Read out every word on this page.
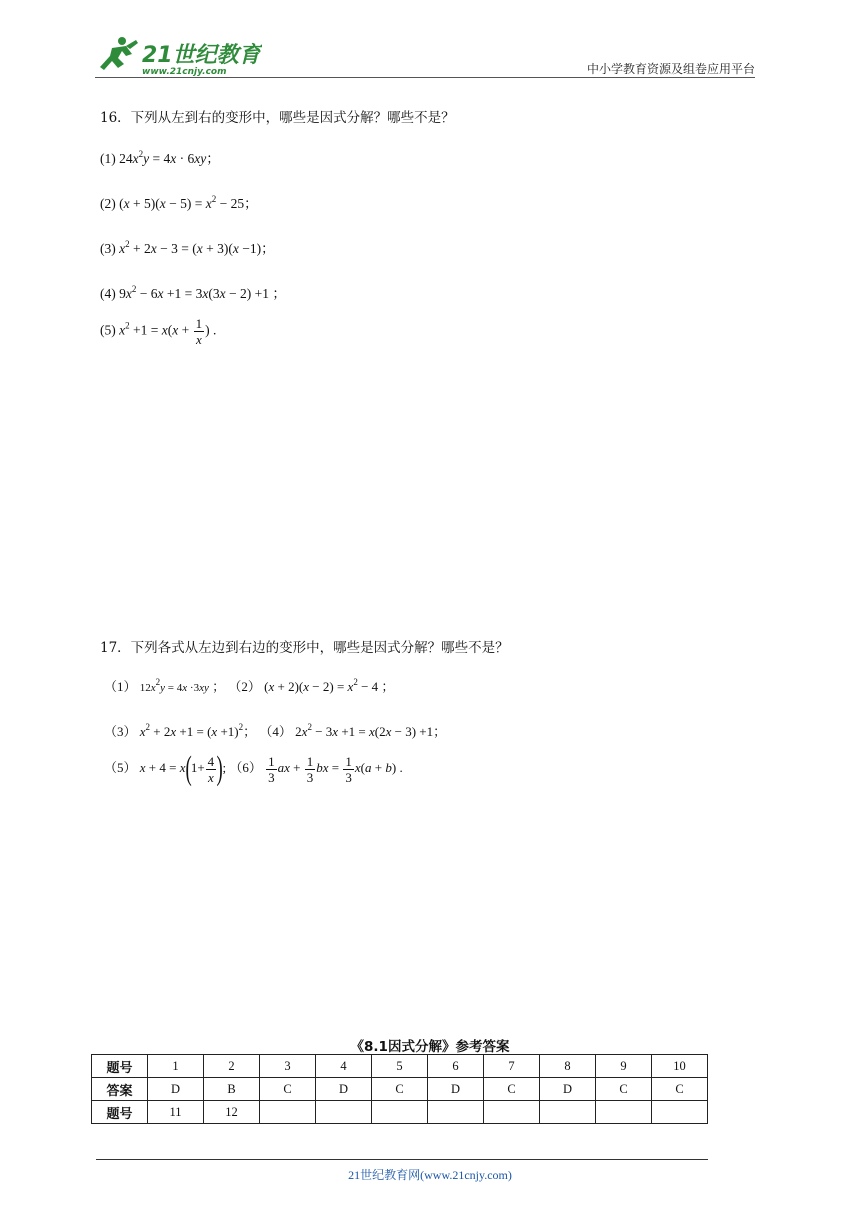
21世纪教育
www.21cnjy.com	中小学教育资源及组卷应用平台
16．下列从左到右的变形中，哪些是因式分解？哪些不是？
(1) $24x^2y = 4x \cdot 6xy$；
(2) $(x + 5)(x - 5) = x^2 - 25$；
(3) $x^2 + 2x - 3 = (x + 3)(x -1)$；
(4) $9x^2 - 6x +1 = 3x(3x - 2) +1$ ；
(5) $x^2 +1 = x(x + \frac{1}{x}$ ) .
17．下列各式从左边到右边的变形中，哪些是因式分解？哪些不是？
（1） $12x^2y = 4x \cdot 3xy$ ； （2） $(x + 2)(x - 2) = x^2 - 4$ ；
（3） $x^2 + 2x +1 = (x +1)^2$； （4） $2x^2 - 3x +1 = x(2x - 3) +1$；
（5） $x + 4 = x(1+ \frac{4}{x}$ ); $(6) \frac{1}{3}$ ax + $\frac{1}{3}$ bx = $\frac{1}{3} x(a + b)$ .
《8.1因式分解》参考答案
题号	1	2	3	4	5	6	7	8	9	10
答案	D	B	C	D	C	D	C	D	C	C
题号	11	12								
21世纪教育网(www.21cnjy.com)
